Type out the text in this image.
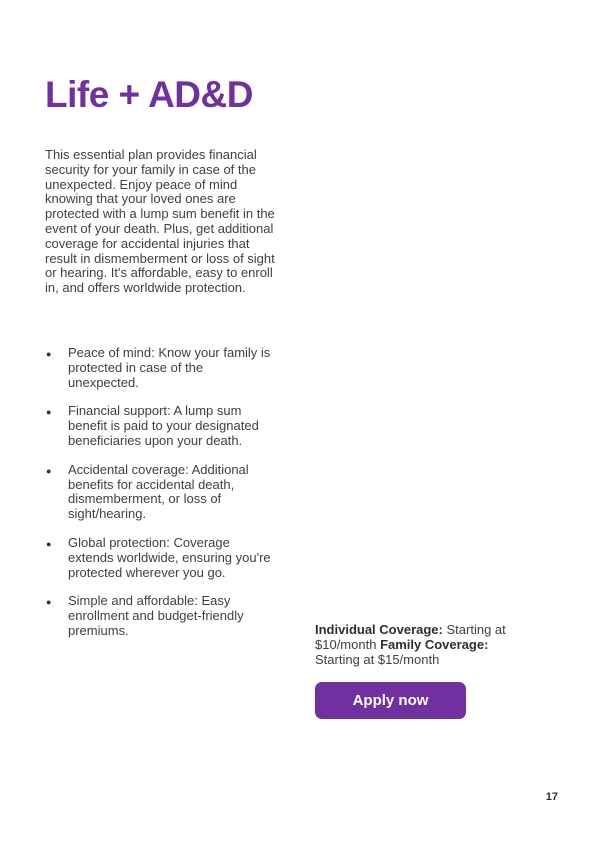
Life + AD&D

This essential plan provides financial security for your family in case of the unexpected. Enjoy peace of mind knowing that your loved ones are protected with a lump sum benefit in the event of your death. Plus, get additional coverage for accidental injuries that result in dismemberment or loss of sight or hearing. It's affordable, easy to enroll in, and offers worldwide protection.

● Peace of mind: Know your family is protected in case of the unexpected.
● Financial support: A lump sum benefit is paid to your designated beneficiaries upon your death.
● Accidental coverage: Additional benefits for accidental death, dismemberment, or loss of sight/hearing.
● Global protection: Coverage extends worldwide, ensuring you're protected wherever you go.
● Simple and affordable: Easy enrollment and budget-friendly premiums.	Individual Coverage: Starting at $10/month Family Coverage: Starting at $15/month

Apply now
17
